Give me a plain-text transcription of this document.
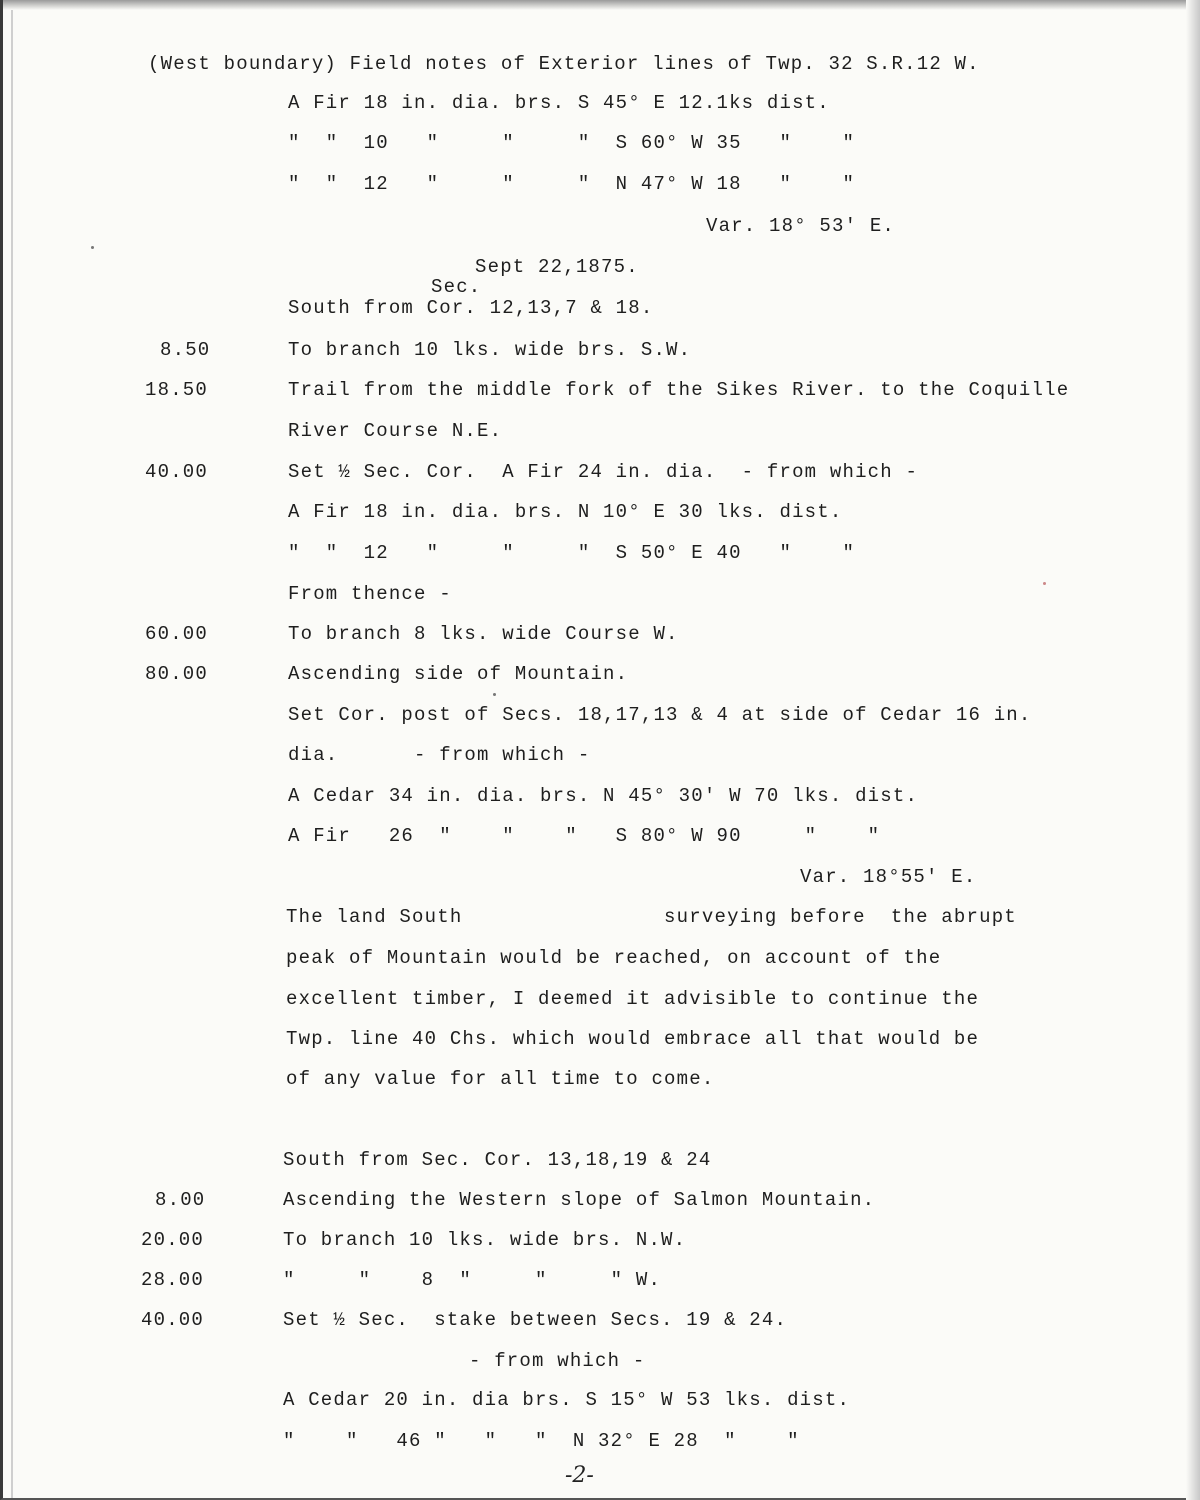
(West boundary) Field notes of Exterior lines of Twp. 32 S.R.12 W.
A Fir 18 in. dia. brs. S 45° E 12.1ks dist.
"  "  10   "     "     "  S 60° W 35   "    "
"  "  12   "     "     "  N 47° W 18   "    "
Var. 18° 53' E.
Sept 22,1875.
Sec.
South from Cor. 12,13,7 & 18.
To branch 10 lks. wide brs. S.W.
Trail from the middle fork of the Sikes River. to the Coquille
River Course N.E.
Set ½ Sec. Cor.  A Fir 24 in. dia.  - from which -
A Fir 18 in. dia. brs. N 10° E 30 lks. dist.
"  "  12   "     "     "  S 50° E 40   "    "
From thence -
To branch 8 lks. wide Course W.
Ascending side of Mountain.
Set Cor. post of Secs. 18,17,13 & 4 at side of Cedar 16 in.
dia.      - from which -
A Cedar 34 in. dia. brs. N 45° 30' W 70 lks. dist.
A Fir   26  "    "    "   S 80° W 90     "    "
Var. 18°55' E.
The land South                surveying before  the abrupt
peak of Mountain would be reached, on account of the
excellent timber, I deemed it advisible to continue the
Twp. line 40 Chs. which would embrace all that would be
of any value for all time to come.
South from Sec. Cor. 13,18,19 & 24
Ascending the Western slope of Salmon Mountain.
To branch 10 lks. wide brs. N.W.
"     "    8  "     "     " W.
Set ½ Sec.  stake between Secs. 19 & 24.
- from which -
A Cedar 20 in. dia brs. S 15° W 53 lks. dist.
"    "   46 "   "   "  N 32° E 28  "    "
8.50
18.50
40.00
60.00
80.00
8.00
20.00
28.00
40.00
-2-
